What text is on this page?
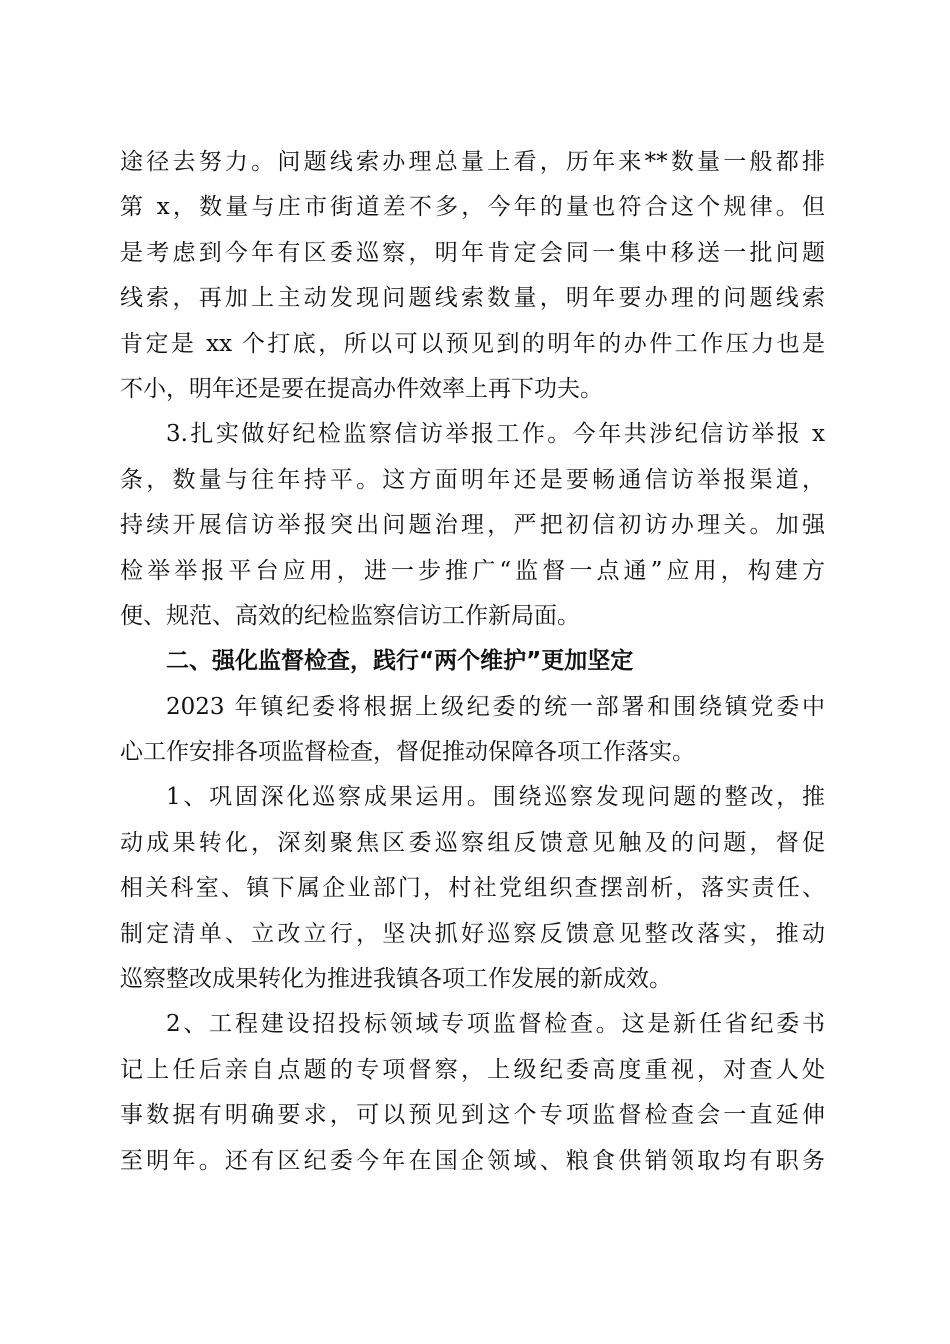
途径去努力。问题线索办理总量上看，历年来**数量一般都排
第 x，数量与庄市街道差不多，今年的量也符合这个规律。但
是考虑到今年有区委巡察，明年肯定会同一集中移送一批问题
线索，再加上主动发现问题线索数量，明年要办理的问题线索
肯定是 xx 个打底，所以可以预见到的明年的办件工作压力也是
不小，明年还是要在提高办件效率上再下功夫。
3.扎实做好纪检监察信访举报工作。今年共涉纪信访举报 x
条，数量与往年持平。这方面明年还是要畅通信访举报渠道，
持续开展信访举报突出问题治理，严把初信初访办理关。加强
检举举报平台应用，进一步推广“监督一点通”应用，构建方
便、规范、高效的纪检监察信访工作新局面。
二、强化监督检查，践行“两个维护”更加坚定
2023 年镇纪委将根据上级纪委的统一部署和围绕镇党委中
心工作安排各项监督检查，督促推动保障各项工作落实。
1、巩固深化巡察成果运用。围绕巡察发现问题的整改，推
动成果转化，深刻聚焦区委巡察组反馈意见触及的问题，督促
相关科室、镇下属企业部门，村社党组织查摆剖析，落实责任、
制定清单、立改立行，坚决抓好巡察反馈意见整改落实，推动
巡察整改成果转化为推进我镇各项工作发展的新成效。
2、工程建设招投标领域专项监督检查。这是新任省纪委书
记上任后亲自点题的专项督察，上级纪委高度重视，对查人处
事数据有明确要求，可以预见到这个专项监督检查会一直延伸
至明年。还有区纪委今年在国企领域、粮食供销领取均有职务
